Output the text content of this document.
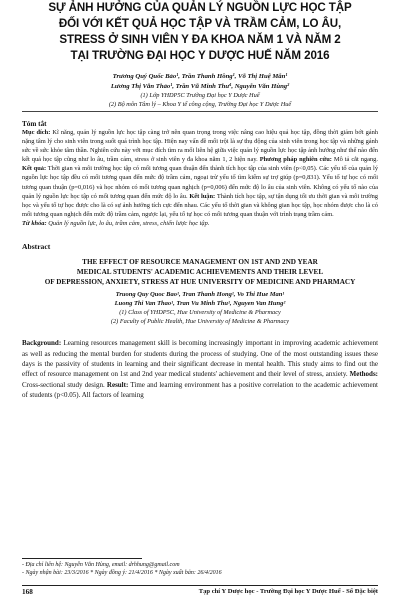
SỰ ẢNH HƯỞNG CỦA QUẢN LÝ NGUỒN LỰC HỌC TẬP
ĐỐI VỚI KẾT QUẢ HỌC TẬP VÀ TRẦM CẢM, LO ÂU,
STRESS Ở SINH VIÊN Y ĐA KHOA NĂM 1 VÀ NĂM 2
TẠI TRƯỜNG ĐẠI HỌC Y DƯỢC HUẾ NĂM 2016
Trương Quý Quốc Bảo¹, Trần Thanh Hồng¹, Võ Thị Huệ Mẫn¹
Lương Thị Văn Thảo¹, Trần Vũ Minh Thư¹, Nguyễn Văn Hùng²
(1) Lớp YHDP5C Trường Đại học Y Dược Huế
(2) Bộ môn Tâm lý – Khoa Y tế công cộng, Trường Đại học Y Dược Huế
Tóm tắt
Mục đích: Kĩ năng, quản lý nguồn lực học tập càng trở nên quan trọng trong việc nâng cao hiệu quả học tập, đồng thời giảm bớt gánh nặng tâm lý cho sinh viên trong suốt quá trình học tập. Hiện nay vấn đề mối trội là sự thụ động của sinh viên trong học tập và những gánh sức về sức khỏe tâm thần. Nghiên cứu này với mục đích tìm ra mối liên hệ giữa việc quản lý nguồn lực học tập ảnh hưởng như thế nào đến kết quả học tập cũng như lo âu, trầm cảm, stress ở sinh viên y đa khoa năm 1, 2 hiện nay. Phương pháp nghiên cứu: Mô tả cắt ngang. Kết quả: Thời gian và môi trường học tập có mối tương quan thuận đến thành tích học tập của sinh viên (p<0,05). Các yếu tố của quản lý nguồn lực học tập đều có mối tương quan đến mức độ trầm cảm, ngoại trừ yếu tố tìm kiếm sự trợ giúp (p=0,831). Yếu tố tự học có mối tương quan thuận (p=0,016) và học nhóm có mối tương quan nghịch (p=0,006) đến mức độ lo âu của sinh viên. Không có yếu tố nào của quản lý nguồn lực học tập có mối tương quan đến mức độ lo âu. Kết luận: Thành tích học tập, sự tận dụng tối ưu thời gian và môi trường học và yếu tố tự học được cho là có sự ảnh hưởng tích cực đến nhau. Các yếu tố thời gian và không gian học tập, học nhóm được cho là có mối tương quan nghịch đến mức độ trầm cảm, ngược lại, yếu tố tự học có mối tương quan thuận với trình trạng trầm cảm.
Từ khóa: Quản lý nguồn lực, lo âu, trầm cảm, stress, chiến lược học tập.
Abstract
THE EFFECT OF RESOURCE MANAGEMENT ON 1ST AND 2ND YEAR
MEDICAL STUDENTS' ACADEMIC ACHIEVEMENTS AND THEIR LEVEL
OF DEPRESSION, ANXIETY, STRESS AT HUE UNIVERSITY OF MEDICINE AND PHARMACY
Truong Quy Quoc Bao¹, Tran Thanh Hong¹, Vo Thi Hue Man¹
Luong Thi Van Thao¹, Tran Vu Minh Thu¹, Nguyen Van Hung²
(1) Class of YHDP5C, Hue University of Medicine & Pharmacy
(2) Faculty of Public Health, Hue University of Medicine & Pharmacy
Background: Learning resources management skill is becoming increasingly important in improving academic achievement as well as reducing the mental burden for students during the process of studying. One of the most outstanding issues these days is the passivity of students in learning and their significant decrease in mental health. This study aims to find out the effect of resource management on 1st and 2nd year medical students' achievement and their level of stress, anxiety. Methods: Cross-sectional study design. Result: Time and learning environment has a positive correlation to the academic achievement of students (p<0.05). All factors of learning
- Địa chỉ liên hệ: Nguyễn Văn Hùng, email: drhhung@gmail.com
- Ngày nhận bài: 23/3/2016 * Ngày đồng ý: 21/4/2016 * Ngày xuất bản: 26/4/2016
168	Tạp chí Y Dược học - Trường Đại học Y Dược Huế - Số Đặc biệt
